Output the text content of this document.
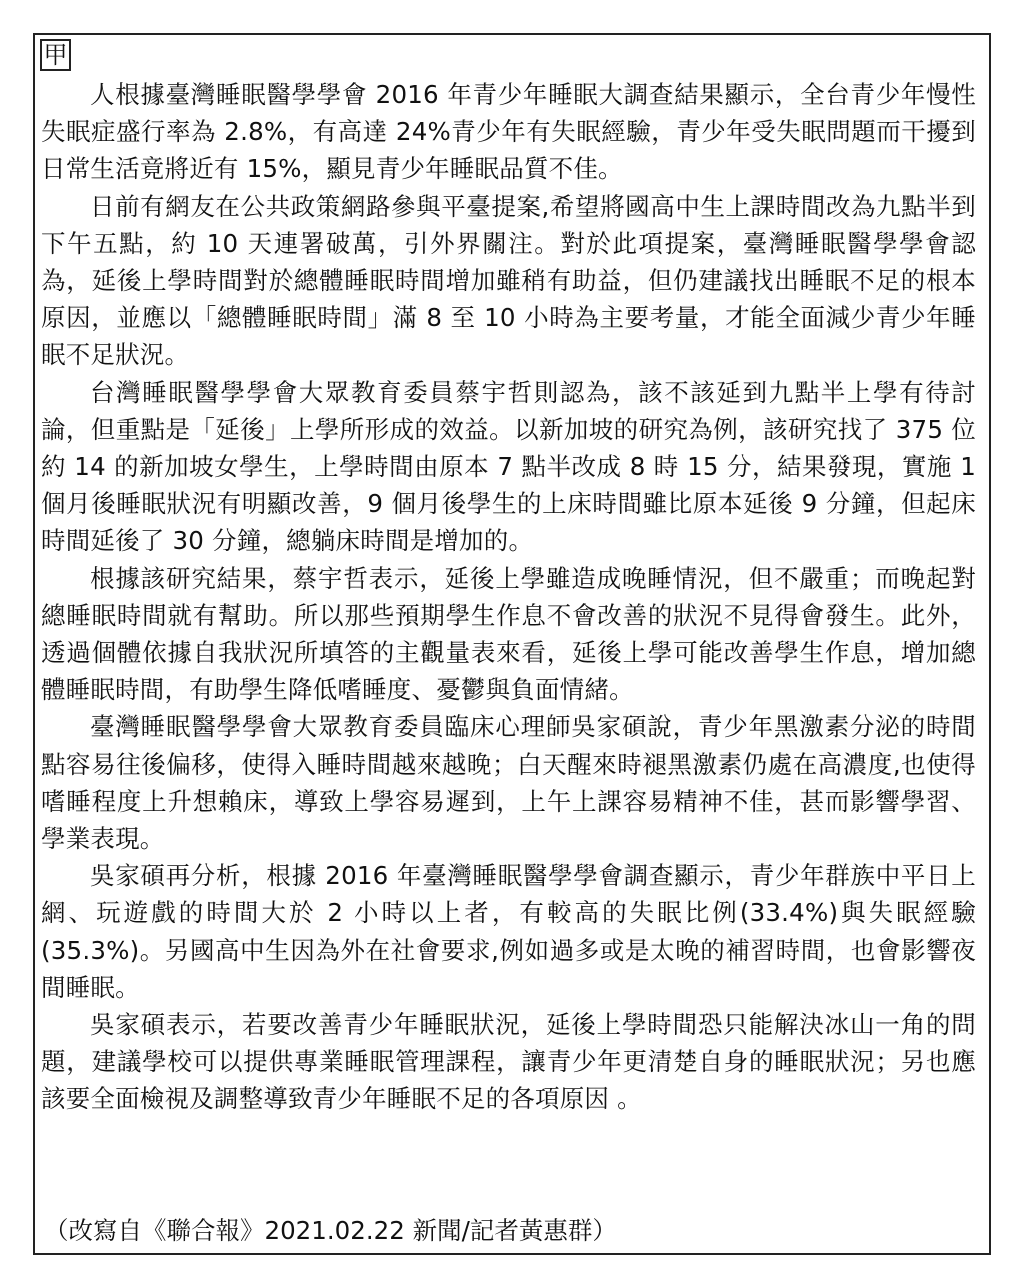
甲

人根據臺灣睡眠醫學學會 2016 年青少年睡眠大調查結果顯示，全台青少年慢性失眠症盛行率為 2.8%，有高達 24%青少年有失眠經驗，青少年受失眠問題而干擾到日常生活竟將近有 15%，顯見青少年睡眠品質不佳。

日前有網友在公共政策網路參與平臺提案,希望將國高中生上課時間改為九點半到下午五點，約 10 天連署破萬，引外界關注。對於此項提案，臺灣睡眠醫學學會認為，延後上學時間對於總體睡眠時間增加雖稍有助益，但仍建議找出睡眠不足的根本原因，並應以「總體睡眠時間」滿 8 至 10 小時為主要考量，才能全面減少青少年睡眠不足狀況。

台灣睡眠醫學學會大眾教育委員蔡宇哲則認為，該不該延到九點半上學有待討論，但重點是「延後」上學所形成的效益。以新加坡的研究為例，該研究找了 375 位約 14 的新加坡女學生，上學時間由原本 7 點半改成 8 時 15 分，結果發現，實施 1 個月後睡眠狀況有明顯改善，9 個月後學生的上床時間雖比原本延後 9 分鐘，但起床時間延後了 30 分鐘，總躺床時間是增加的。

根據該研究結果，蔡宇哲表示，延後上學雖造成晚睡情況，但不嚴重；而晚起對總睡眠時間就有幫助。所以那些預期學生作息不會改善的狀況不見得會發生。此外，透過個體依據自我狀況所填答的主觀量表來看，延後上學可能改善學生作息，增加總體睡眠時間，有助學生降低嗜睡度、憂鬱與負面情緒。

臺灣睡眠醫學學會大眾教育委員臨床心理師吳家碩說，青少年黑激素分泌的時間點容易往後偏移，使得入睡時間越來越晚；白天醒來時褪黑激素仍處在高濃度,也使得嗜睡程度上升想賴床，導致上學容易遲到，上午上課容易精神不佳，甚而影響學習、學業表現。

吳家碩再分析，根據 2016 年臺灣睡眠醫學學會調查顯示，青少年群族中平日上網、玩遊戲的時間大於 2 小時以上者，有較高的失眠比例(33.4%)與失眠經驗(35.3%)。另國高中生因為外在社會要求,例如過多或是太晚的補習時間，也會影響夜間睡眠。

吳家碩表示，若要改善青少年睡眠狀況，延後上學時間恐只能解決冰山一角的問題，建議學校可以提供專業睡眠管理課程，讓青少年更清楚自身的睡眠狀況；另也應該要全面檢視及調整導致青少年睡眠不足的各項原因 。

（改寫自《聯合報》2021.02.22 新聞/記者黃惠群）
